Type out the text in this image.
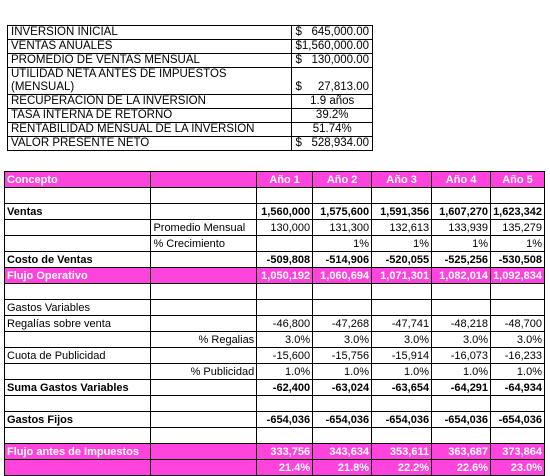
INVERSION INICIAL	$ 645,000.00

VENTAS ANUALES	$1,560,000.00
PROMEDIO DE VENTAS MENSUAL	$ 130,000.00

UTILIDAD NETA ANTES DE IMPUESTOS
(MENSUAL)	$ 27,813.00

RECUPERACION DE LA INVERSION	1.9 años
TASA INTERNA DE RETORNO	39.2%
RENTABILIDAD MENSUAL DE LA INVERSION	51.74%
VALOR PRESENTE NETO	$ 528,934.00
Concepto		Año 1	Año 2	Año 3	Año 4	Año 5

Ventas		1,560,000	1,575,600	1,591,356	1,607,270	1,623,342
	Promedio Mensual	130,000	131,300	132,613	133,939	135,279
	% Crecimiento		1%	1%	1%	1%
Costo de Ventas		-509,808	-514,906	-520,055	-525,256	-530,508
Flujo Operativo		1,050,192	1,060,694	1,071,301	1,082,014	1,092,834

Gastos Variables						
Regalías sobre venta		-46,800	-47,268	-47,741	-48,218	-48,700
	% Regalias	3.0%	3.0%	3.0%	3.0%	3.0%
Cuota de Publicidad		-15,600	-15,756	-15,914	-16,073	-16,233
	% Publicidad	1.0%	1.0%	1.0%	1.0%	1.0%
Suma Gastos Variables		-62,400	-63,024	-63,654	-64,291	-64,934

Gastos Fijos		-654,036	-654,036	-654,036	-654,036	-654,036

Flujo antes de Impuestos		333,756	343,634	353,611	363,687	373,864
		21.4%	21.8%	22.2%	22.6%	23.0%
